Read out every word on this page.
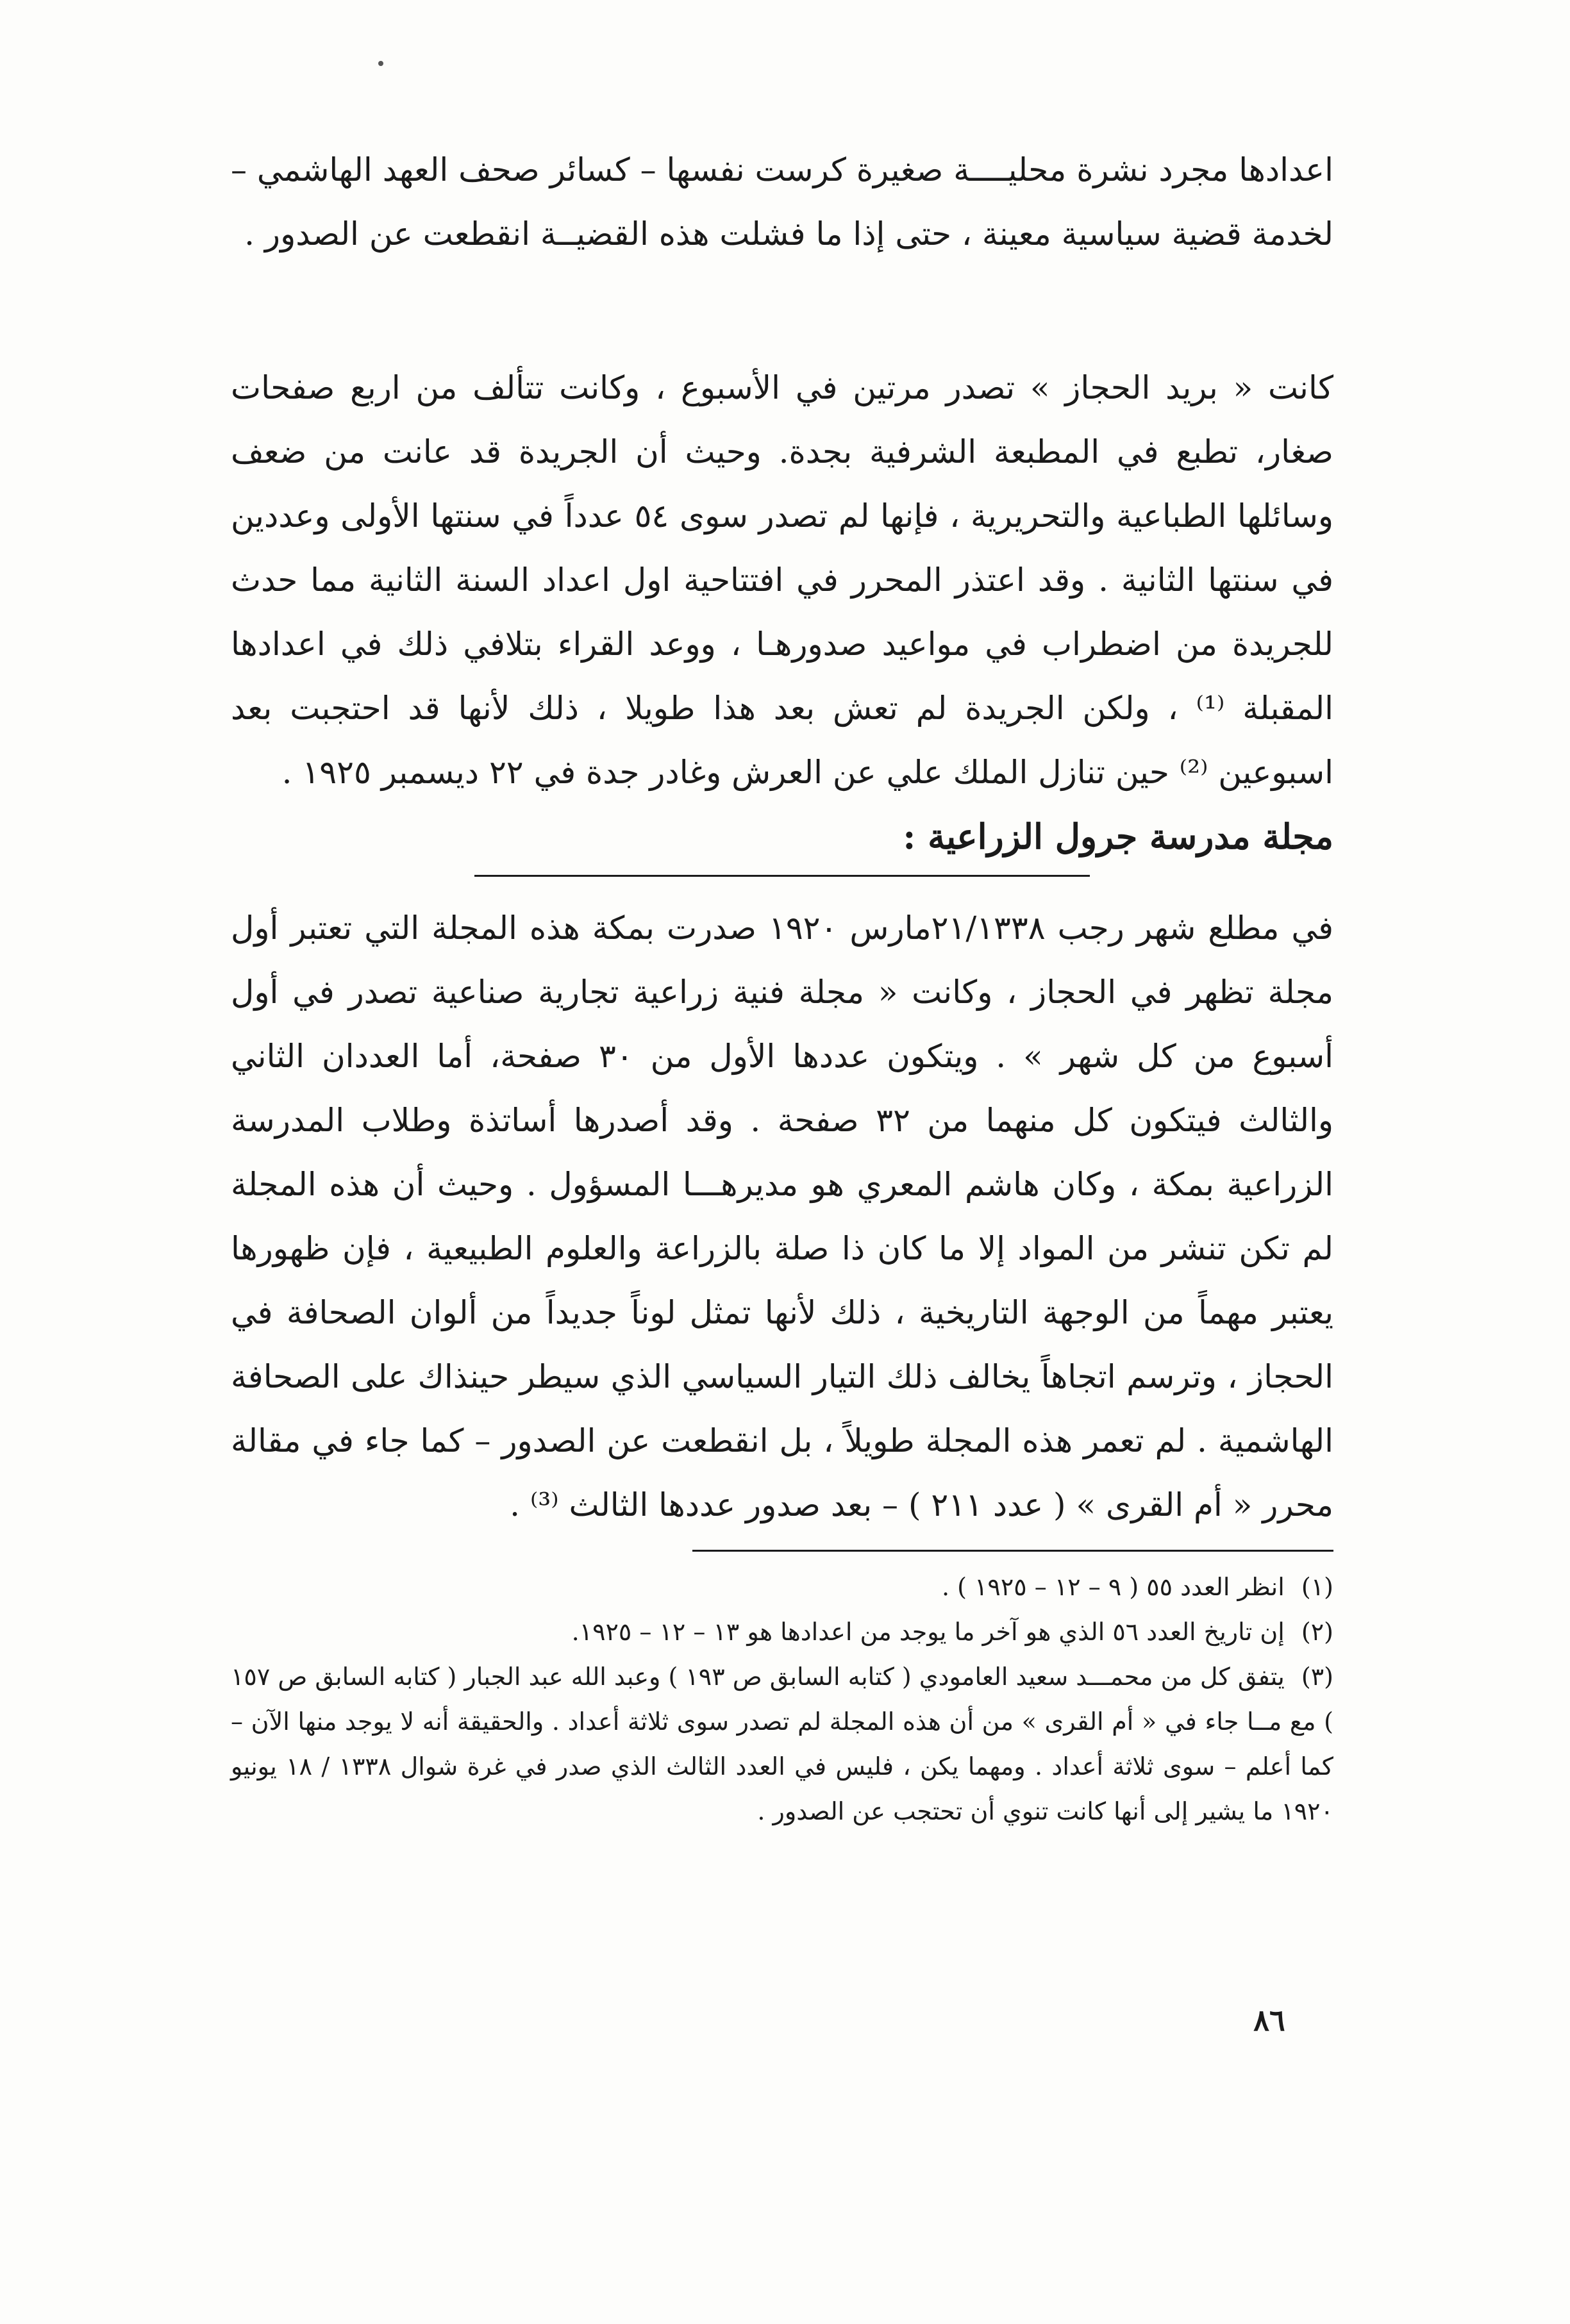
اعدادها مجرد نشرة محليــــة صغيرة كرست نفسها – كسائر صحف العهد الهاشمي – لخدمة قضية سياسية معينة ، حتى إذا ما فشلت هذه القضيــة انقطعت عن الصدور .

كانت « بريد الحجاز » تصدر مرتين في الأسبوع ، وكانت تتألف من اربع صفحات صغار، تطبع في المطبعة الشرفية بجدة. وحيث أن الجريدة قد عانت من ضعف وسائلها الطباعية والتحريرية ، فإنها لم تصدر سوى ٥٤ عدداً في سنتها الأولى وعددين في سنتها الثانية . وقد اعتذر المحرر في افتتاحية اول اعداد السنة الثانية مما حدث للجريدة من اضطراب في مواعيد صدورهـا ، ووعد القراء بتلافي ذلك في اعدادها المقبلة ⁽¹⁾ ، ولكن الجريدة لم تعش بعد هذا طويلا ، ذلك لأنها قد احتجبت بعد اسبوعين ⁽²⁾ حين تنازل الملك علي عن العرش وغادر جدة في ٢٢ ديسمبر ١٩٢٥ .

مجلة مدرسة جرول الزراعية :

في مطلع شهر رجب ٢١/١٣٣٨مارس ١٩٢٠ صدرت بمكة هذه المجلة التي تعتبر أول مجلة تظهر في الحجاز ، وكانت « مجلة فنية زراعية تجارية صناعية تصدر في أول أسبوع من كل شهر » . ويتكون عددها الأول من ٣٠ صفحة، أما العددان الثاني والثالث فيتكون كل منهما من ٣٢ صفحة . وقد أصدرها أساتذة وطلاب المدرسة الزراعية بمكة ، وكان هاشم المعري هو مديرهـــا المسؤول . وحيث أن هذه المجلة لم تكن تنشر من المواد إلا ما كان ذا صلة بالزراعة والعلوم الطبيعية ، فإن ظهورها يعتبر مهماً من الوجهة التاريخية ، ذلك لأنها تمثل لوناً جديداً من ألوان الصحافة في الحجاز ، وترسم اتجاهاً يخالف ذلك التيار السياسي الذي سيطر حينذاك على الصحافة الهاشمية . لم تعمر هذه المجلة طويلاً ، بل انقطعت عن الصدور – كما جاء في مقالة محرر « أم القرى » ( عدد ٢١١ ) – بعد صدور عددها الثالث ⁽³⁾ .

(١) انظر العدد ٥٥ ( ٩ – ١٢ – ١٩٢٥ ) .

(٢) إن تاريخ العدد ٥٦ الذي هو آخر ما يوجد من اعدادها هو ١٣ – ١٢ – ١٩٢٥.

(٣) يتفق كل من محمـــد سعيد العامودي ( كتابه السابق ص ١٩٣ ) وعبد الله عبد الجبار ( كتابه السابق ص ١٥٧ ) مع مــا جاء في « أم القرى » من أن هذه المجلة لم تصدر سوى ثلاثة أعداد . والحقيقة أنه لا يوجد منها الآن – كما أعلم – سوى ثلاثة أعداد . ومهما يكن ، فليس في العدد الثالث الذي صدر في غرة شوال ١٣٣٨ / ١٨ يونيو ١٩٢٠ ما يشير إلى أنها كانت تنوي أن تحتجب عن الصدور .

٨٦
